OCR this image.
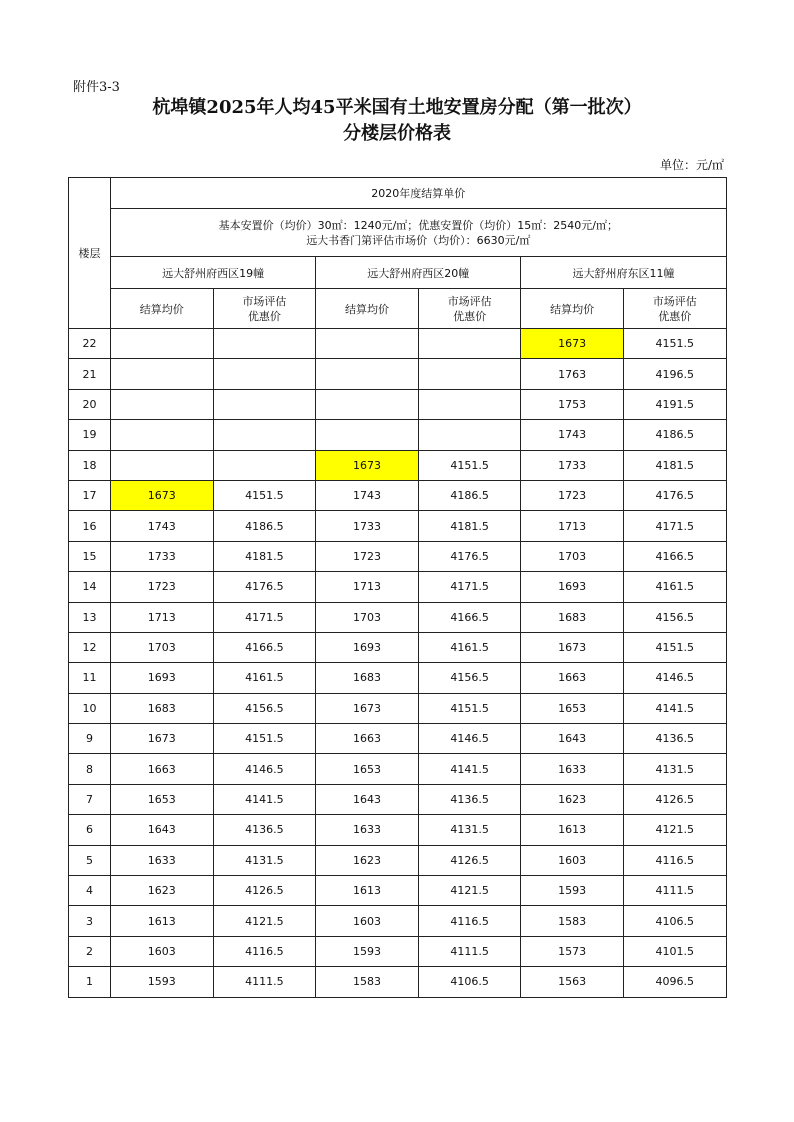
附件3-3
杭埠镇2025年人均45平米国有土地安置房分配（第一批次）
分楼层价格表
单位：元/㎡
楼层	2020年度结算单价					

	基本安置价（均价）30㎡：1240元/㎡；优惠安置价（均价）15㎡：2540元/㎡；
远大书香门第评估市场价（均价）：6630元/㎡					

	远大舒州府西区19幢		远大舒州府西区20幢		远大舒州府东区11幢	
	结算均价	市场评估优惠价	结算均价	市场评估优惠价	结算均价	市场评估优惠价
22					1673	4151.5
21					1763	4196.5
20					1753	4191.5
19					1743	4186.5
18			1673	4151.5	1733	4181.5
17	1673	4151.5	1743	4186.5	1723	4176.5
16	1743	4186.5	1733	4181.5	1713	4171.5
15	1733	4181.5	1723	4176.5	1703	4166.5
14	1723	4176.5	1713	4171.5	1693	4161.5
13	1713	4171.5	1703	4166.5	1683	4156.5
12	1703	4166.5	1693	4161.5	1673	4151.5
11	1693	4161.5	1683	4156.5	1663	4146.5
10	1683	4156.5	1673	4151.5	1653	4141.5
9	1673	4151.5	1663	4146.5	1643	4136.5
8	1663	4146.5	1653	4141.5	1633	4131.5
7	1653	4141.5	1643	4136.5	1623	4126.5
6	1643	4136.5	1633	4131.5	1613	4121.5
5	1633	4131.5	1623	4126.5	1603	4116.5
4	1623	4126.5	1613	4121.5	1593	4111.5
3	1613	4121.5	1603	4116.5	1583	4106.5
2	1603	4116.5	1593	4111.5	1573	4101.5
1	1593	4111.5	1583	4106.5	1563	4096.5
